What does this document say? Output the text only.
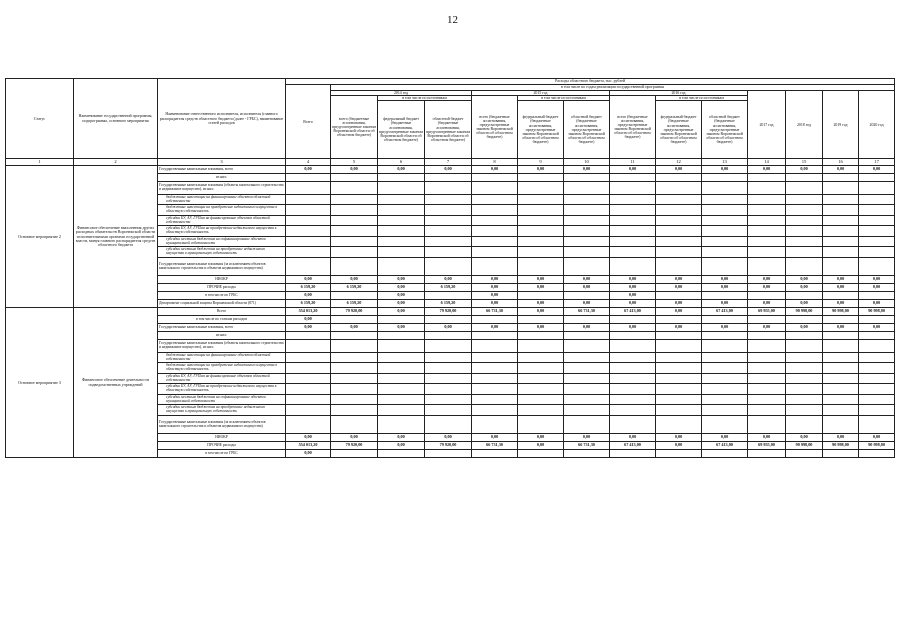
12
Статус	Наименование государственной программы, подпрограммы, основного мероприятия	Наименование ответственного исполнителя, исполнителя (главного распорядителя средств областного бюджета (далее - ГРБС), наименование статей расходов	Расходы областного бюджета, тыс. рублей													
			Всего	в том числе по годам реализации государственной программы												
				2014 год			2015 год			2016 год			2017 год	2018 год	2019 год	2020 год
				всего (бюджетные ассигнования, предусмотренные законом Воронежской области об областном бюджете)	в том числе по источникам		всего (бюджетные ассигнования, предусмотренные законом Воронежской области об областном бюджете)	в том числе по источникам		всего (бюджетные ассигнования, предусмотренные законом Воронежской области об областном бюджете)	в том числе по источникам					
					федеральный бюджет (бюджетные ассигнования, предусмотренные законом Воронежской области об областном бюджете)	областной бюджет (бюджетные ассигнования, предусмотренные законом Воронежской области об областном бюджете)		федеральный бюджет (бюджетные ассигнования, предусмотренные законом Воронежской области об областном бюджете)	областной бюджет (бюджетные ассигнования, предусмотренные законом Воронежской области об областном бюджете)		федеральный бюджет (бюджетные ассигнования, предусмотренные законом Воронежской области об областном бюджете)	областной бюджет (бюджетные ассигнования, предусмотренные законом Воронежской области об областном бюджете)				
1	2	3	4	5	6	7	8	9	10	11	12	13	14	15	16	17
Основное мероприятие 2	Финансовое обеспечение выполнения других расходных обязательств Воронежской области исполнительными органами государственной власти, минуя главного распорядителя средств областного бюджета	Государственные капитальные вложения, всего	0,00	0,00	0,00	0,00	0,00	0,00	0,00	0,00	0,00	0,00	0,00	0,00	0,00	0,00
		из них:														
		Государственные капитальные вложения (объекты капитального строительства и недвижимое имущество), из них:														
		бюджетные инвестиции на финансирование объектов областной собственности														
		бюджетные инвестиции на приобретение недвижимого имущества в областную собственность														
		субсидии БУ, АУ, ГУПам на финансирование объектов областной собственности														
		субсидии БУ, АУ, ГУПам на приобретение недвижимого имущества в областную собственность														
		субсидии местным бюджетам на софинансирование объектов муниципальной собственности														
		субсидии местным бюджетам на приобретение недвижимого имущества в муниципальную собственность														
		Государственные капитальные вложения (за исключением объектов капитального строительства и объектов недвижимого имущества)														
		НИОКР	0,00	0,00	0,00	0,00	0,00	0,00	0,00	0,00	0,00	0,00	0,00	0,00	0,00	0,00
		ПРОЧИЕ расходы	6 159,20	6 159,20	0,00	6 159,20	0,00	0,00	0,00	0,00	0,00	0,00	0,00	0,00	0,00	0,00
		в том числе по ГРБС	0,00		0,00		0,00			0,00						
		Департамент социальной защиты Воронежской области (871)	6 159,20	6 159,20	0,00	6 159,20	0,00	0,00	0,00	0,00	0,00	0,00	0,00	0,00	0,00	0,00
Основное мероприятие 3	Финансовое обеспечение деятельности подведомственных учреждений	Всего	554 013,20	79 920,00	0,00	79 920,00	66 731,30	0,00	66 731,30	67 413,00	0,00	67 413,00	69 955,00	90 998,00	90 998,00	90 998,00
		в том числе по статьям расходов	0,00													
		Государственные капитальные вложения, всего	0,00	0,00	0,00	0,00	0,00	0,00	0,00	0,00	0,00	0,00	0,00	0,00	0,00	0,00
		из них:														
		Государственные капитальные вложения (объекты капитального строительства и недвижимое имущество), из них:														
		бюджетные инвестиции на финансирование объектов областной собственности														
		бюджетные инвестиции на приобретение недвижимого имущества в областную собственность														
		субсидии БУ, АУ, ГУПам на финансирование объектов областной собственности														
		субсидии БУ, АУ, ГУПам на приобретение недвижимого имущества в областную собственность														
		субсидии местным бюджетам на софинансирование объектов муниципальной собственности														
		субсидии местным бюджетам на приобретение недвижимого имущества в муниципальную собственность														
		Государственные капитальные вложения (за исключением объектов капитального строительства и объектов недвижимого имущества)														
		НИОКР	0,00	0,00	0,00	0,00	0,00	0,00	0,00	0,00	0,00	0,00	0,00	0,00	0,00	0,00
		ПРОЧИЕ расходы	554 013,20	79 920,00	0,00	79 920,00	66 731,30	0,00	66 731,30	67 413,00	0,00	67 413,00	69 955,00	90 998,00	90 998,00	90 998,00
		в том числе по ГРБС	0,00													
